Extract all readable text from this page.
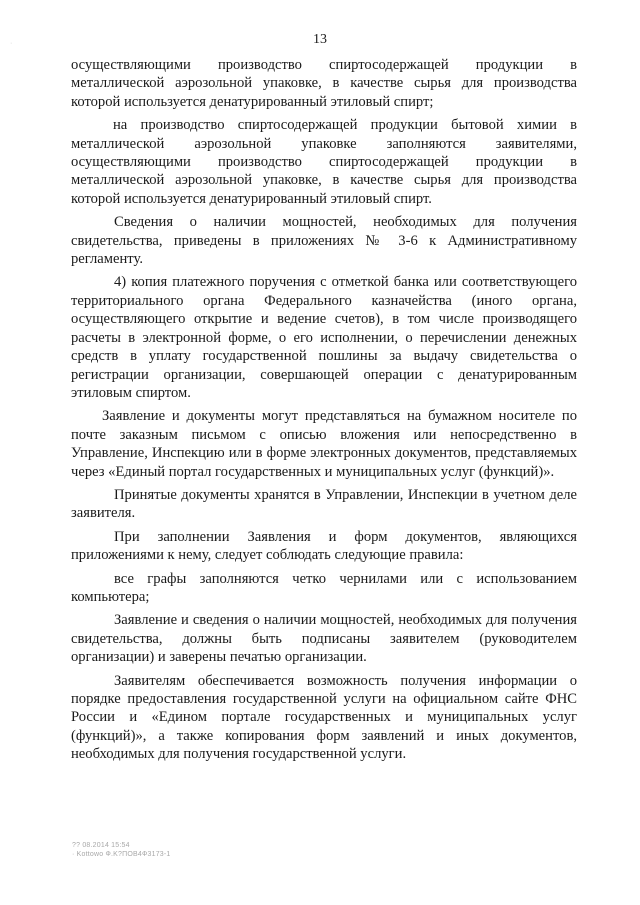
13
·

осуществляющими производство спиртосодержащей продукции в металлической аэрозольной упаковке, в качестве сырья для производства которой используется денатурированный этиловый спирт;

на производство спиртосодержащей продукции бытовой химии в металлической аэрозольной упаковке заполняются заявителями, осуществляющими производство спиртосодержащей продукции в металлической аэрозольной упаковке, в качестве сырья для производства которой используется денатурированный этиловый спирт.

Сведения о наличии мощностей, необходимых для получения свидетельства, приведены в приложениях № 3-6 к Административному регламенту.

4) копия платежного поручения с отметкой банка или соответствующего территориального органа Федерального казначейства (иного органа, осуществляющего открытие и ведение счетов), в том числе производящего расчеты в электронной форме, о его исполнении, о перечислении денежных средств в уплату государственной пошлины за выдачу свидетельства о регистрации организации, совершающей операции с денатурированным этиловым спиртом.

Заявление и документы могут представляться на бумажном носителе по почте заказным письмом с описью вложения или непосредственно в Управление, Инспекцию или в форме электронных документов, представляемых через «Единый портал государственных и муниципальных услуг (функций)».

Принятые документы хранятся в Управлении, Инспекции в учетном деле заявителя.

При заполнении Заявления и форм документов, являющихся приложениями к нему, следует соблюдать следующие правила:

все графы заполняются четко чернилами или с использованием компьютера;

Заявление и сведения о наличии мощностей, необходимых для получения свидетельства, должны быть подписаны заявителем (руководителем организации) и заверены печатью организации.

Заявителям обеспечивается возможность получения информации о порядке предоставления государственной услуги на официальном сайте ФНС России и «Едином портале государственных и муниципальных услуг (функций)», а также копирования форм заявлений и иных документов, необходимых для получения государственной услуги.

?? 08.2014 15:54
· Kottowo Ф.K?ПОВ4Ф3173-1
